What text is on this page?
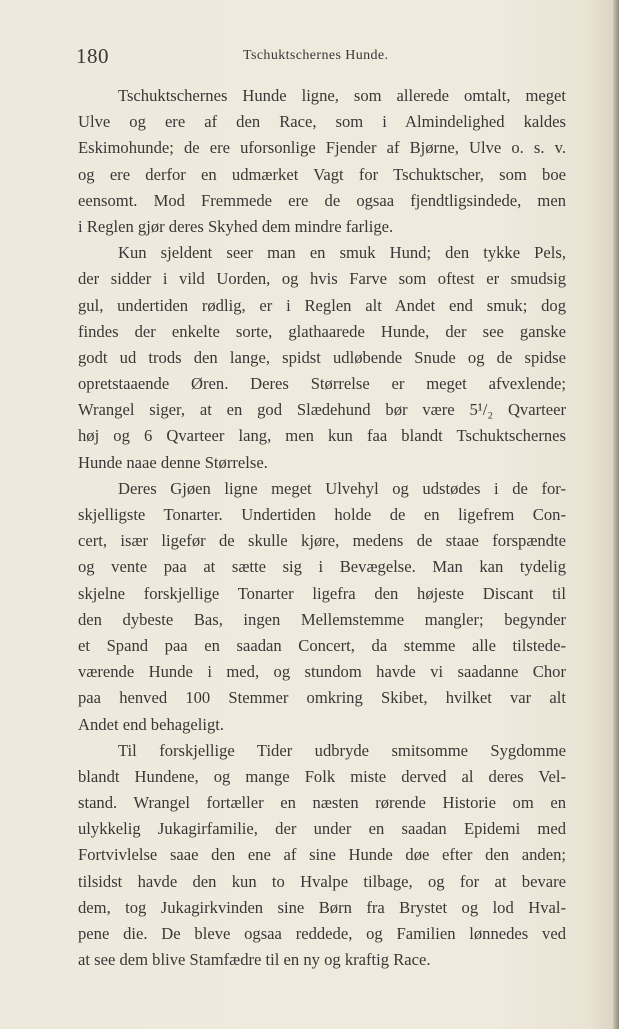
180	Tschuktschernes Hunde.
Tschuktschernes Hunde ligne, som allerede omtalt, meget
Ulve og ere af den Race, som i Almindelighed kaldes
Eskimohunde; de ere uforsonlige Fjender af Bjørne, Ulve o. s. v.
og ere derfor en udmærket Vagt for Tschuktscher, som boe
eensomt. Mod Fremmede ere de ogsaa fjendtligsindede, men
i Reglen gjør deres Skyhed dem mindre farlige.
Kun sjeldent seer man en smuk Hund; den tykke Pels,
der sidder i vild Uorden, og hvis Farve som oftest er smudsig
gul, undertiden rødlig, er i Reglen alt Andet end smuk; dog
findes der enkelte sorte, glathaarede Hunde, der see ganske
godt ud trods den lange, spidst udløbende Snude og de spidse
opretstaaende Øren. Deres Størrelse er meget afvexlende;
Wrangel siger, at en god Slædehund bør være 5¹/₂ Qvarteer
høj og 6 Qvarteer lang, men kun faa blandt Tschuktschernes
Hunde naae denne Størrelse.
Deres Gjøen ligne meget Ulvehyl og udstødes i de for-
skjelligste Tonarter. Undertiden holde de en ligefrem Con-
cert, især ligefør de skulle kjøre, medens de staae forspændte
og vente paa at sætte sig i Bevægelse. Man kan tydelig
skjelne forskjellige Tonarter ligefra den højeste Discant til
den dybeste Bas, ingen Mellemstemme mangler; begynder
et Spand paa en saadan Concert, da stemme alle tilstede-
værende Hunde i med, og stundom havde vi saadanne Chor
paa henved 100 Stemmer omkring Skibet, hvilket var alt
Andet end behageligt.
Til forskjellige Tider udbrydе smitsomme Sygdomme
blandt Hundene, og mange Folk miste derved al deres Vel-
stand. Wrangel fortæller en næsten rørende Historie om en
ulykkelig Jukagirfamilie, der under en saadan Epidemi med
Fortvivlelse saae den ene af sine Hunde døe efter den anden;
tilsidst havde den kun to Hvalpe tilbage, og for at bevare
dem, tog Jukagirkvinden sine Børn fra Brystet og lod Hval-
pene die. De bleve ogsaa reddede, og Familien lønnedes ved
at see dem blive Stamfædre til en ny og kraftig Race.
